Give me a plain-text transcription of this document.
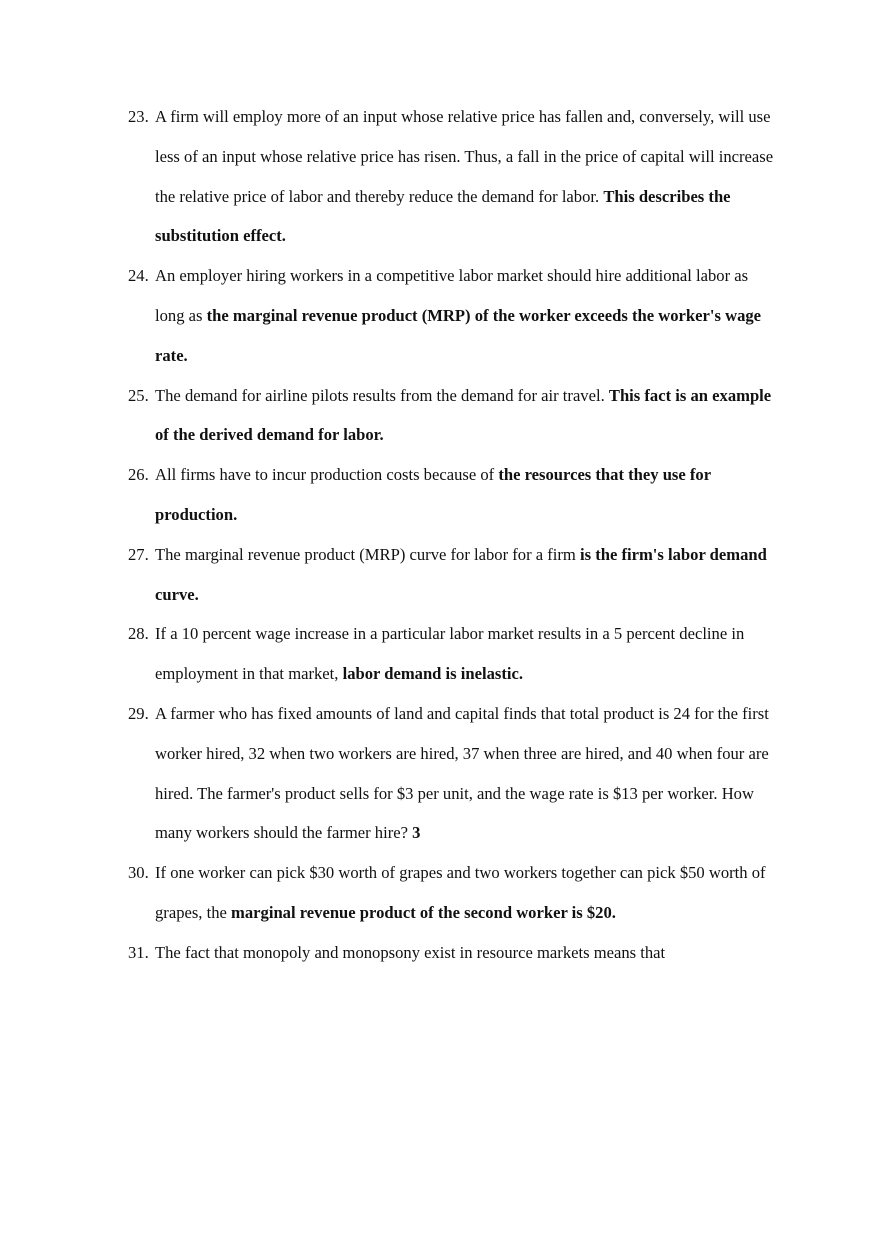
23. A firm will employ more of an input whose relative price has fallen and, conversely, will use less of an input whose relative price has risen. Thus, a fall in the price of capital will increase the relative price of labor and thereby reduce the demand for labor. This describes the substitution effect.
24. An employer hiring workers in a competitive labor market should hire additional labor as long as the marginal revenue product (MRP) of the worker exceeds the worker's wage rate.
25. The demand for airline pilots results from the demand for air travel. This fact is an example of the derived demand for labor.
26. All firms have to incur production costs because of the resources that they use for production.
27. The marginal revenue product (MRP) curve for labor for a firm is the firm's labor demand curve.
28. If a 10 percent wage increase in a particular labor market results in a 5 percent decline in employment in that market, labor demand is inelastic.
29. A farmer who has fixed amounts of land and capital finds that total product is 24 for the first worker hired, 32 when two workers are hired, 37 when three are hired, and 40 when four are hired. The farmer's product sells for $3 per unit, and the wage rate is $13 per worker. How many workers should the farmer hire? 3
30. If one worker can pick $30 worth of grapes and two workers together can pick $50 worth of grapes, the marginal revenue product of the second worker is $20.
31. The fact that monopoly and monopsony exist in resource markets means that
